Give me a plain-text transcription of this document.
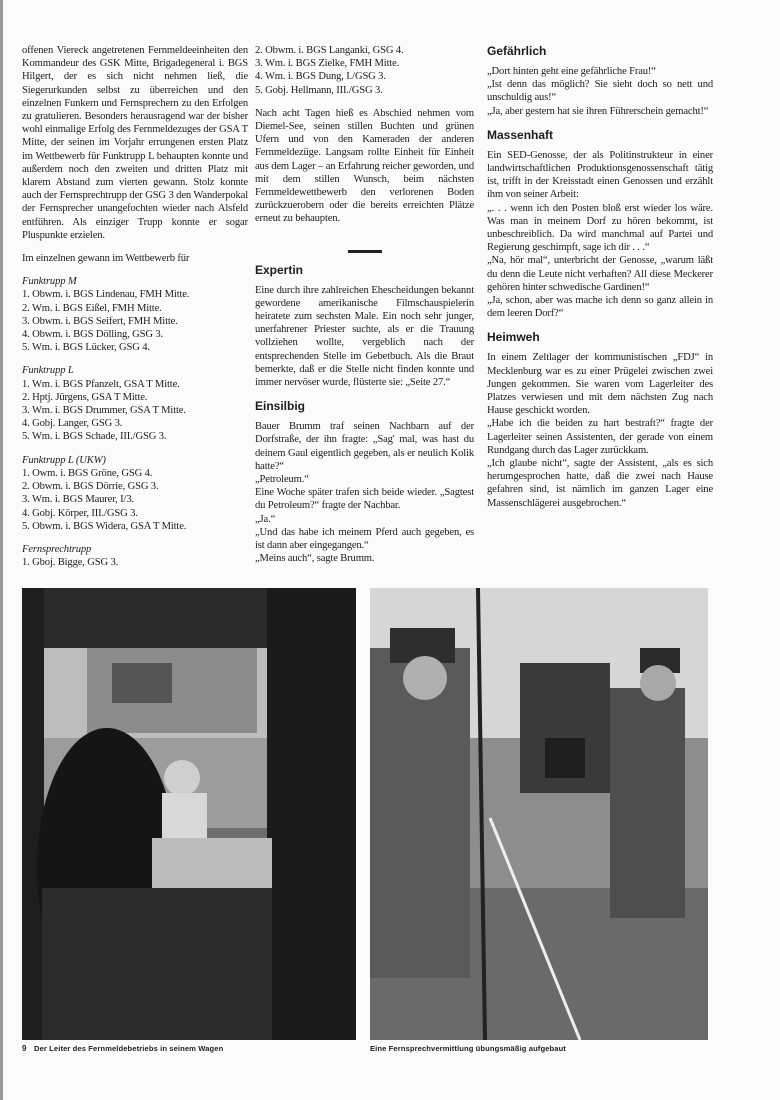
offenen Viereck angetretenen Fernmeldeeinheiten den Kommandeur des GSK Mitte, Brigadegeneral i. BGS Hilgert, der es sich nicht nehmen ließ, die Siegerurkunden selbst zu überreichen und den einzelnen Funkern und Fernsprechern zu den Erfolgen zu gratulieren. Besonders herausragend war der bisher wohl einmalige Erfolg des Fernmeldezuges der GSA T Mitte, der seinen im Vorjahr errungenen ersten Platz im Wettbewerb für Funktrupp L behaupten konnte und außerdem noch den zweiten und dritten Platz mit klarem Abstand zum vierten gewann. Stolz konnte auch der Fernsprechtrupp der GSG 3 den Wanderpokal der Fernsprecher unangefochten wieder nach Alsfeld entführen. Als einziger Trupp konnte er sogar Pluspunkte erzielen.

Im einzelnen gewann im Wettbewerb für

Funktrupp M
1. Obwm. i. BGS Lindenau, FMH Mitte.
2. Wm. i. BGS Eißel, FMH Mitte.
3. Obwm. i. BGS Seifert, FMH Mitte.
4. Obwm. i. BGS Dölling, GSG 3.
5. Wm. i. BGS Lücker, GSG 4.
Funktrupp L
1. Wm. i. BGS Pfanzelt, GSA T Mitte.
2. Hptj. Jürgens, GSA T Mitte.
3. Wm. i. BGS Drummer, GSA T Mitte.
4. Gobj. Langer, GSG 3.
5. Wm. i. BGS Schade, III./GSG 3.
Funktrupp L (UKW)
1. Owm. i. BGS Gröne, GSG 4.
2. Obwm. i. BGS Dörrie, GSG 3.
3. Wm. i. BGS Maurer, I/3.
4. Gobj. Körper, III./GSG 3.
5. Obwm. i. BGS Widera, GSA T Mitte.
Fernsprechtrupp
1. Gboj. Bigge, GSG 3.
2. Obwm. i. BGS Langanki, GSG 4.
3. Wm. i. BGS Zielke, FMH Mitte.
4. Wm. i. BGS Dung, I./GSG 3.
5. Gobj. Hellmann, III./GSG 3.

Nach acht Tagen hieß es Abschied nehmen vom Diemel-See, seinen stillen Buchten und grünen Ufern und von den Kameraden der anderen Fernmeldezüge. Langsam rollte Einheit für Einheit aus dem Lager – an Erfahrung reicher geworden, und mit dem stillen Wunsch, beim nächsten Fernmeldewettbewerb den verlorenen Boden zurückzuerobern oder die bereits erreichten Plätze erneut zu behaupten.

Expertin

Eine durch ihre zahlreichen Ehescheidungen bekannt gewordene amerikanische Filmschauspielerin heiratete zum sechsten Male. Ein noch sehr junger, unerfahrener Priester suchte, als er die Trauung vollziehen wollte, vergeblich nach der entsprechenden Stelle im Gebetbuch. Als die Braut bemerkte, daß er die Stelle nicht finden konnte und immer nervöser wurde, flüsterte sie: „Seite 27.“

Einsilbig

Bauer Brumm traf seinen Nachbarn auf der Dorfstraße, der ihn fragte: „Sag' mal, was hast du deinem Gaul eigentlich gegeben, als er neulich Kolik hatte?“

„Petroleum.“

Eine Woche später trafen sich beide wieder. „Sagtest du Petroleum?“ fragte der Nachbar.

„Ja.“

„Und das habe ich meinem Pferd auch gegeben, es ist dann aber eingegangen.“

„Meins auch“, sagte Brumm.

Gefährlich

„Dort hinten geht eine gefährliche Frau!“

„Ist denn das möglich? Sie sieht doch so nett und unschuldig aus!“

„Ja, aber gestern hat sie ihren Führerschein gemacht!“

Massenhaft

Ein SED-Genosse, der als Politinstrukteur in einer landwirtschaftlichen Produktionsgenossenschaft tätig ist, trifft in der Kreisstadt einen Genossen und erzählt ihm von seiner Arbeit:

„. . . wenn ich den Posten bloß erst wieder los wäre. Was man in meinem Dorf zu hören bekommt, ist unbeschreiblich. Da wird manchmal auf Partei und Regierung geschimpft, sage ich dir . . .“

„Na, hör mal“, unterbricht der Genosse, „warum läßt du denn die Leute nicht verhaften? All diese Meckerer gehören hinter schwedische Gardinen!“

„Ja, schon, aber was mache ich denn so ganz allein in dem leeren Dorf?“

Heimweh

In einem Zeltlager der kommunistischen „FDJ“ in Mecklenburg war es zu einer Prügelei zwischen zwei Jungen gekommen. Sie waren vom Lagerleiter des Platzes verwiesen und mit dem nächsten Zug nach Hause geschickt worden.

„Habe ich die beiden zu hart bestraft?“ fragte der Lagerleiter seinen Assistenten, der gerade von einem Rundgang durch das Lager zurückkam.

„Ich glaube nicht“, sagte der Assistent, „als es sich herumgesprochen hatte, daß die zwei nach Hause gefahren sind, ist nämlich im ganzen Lager eine Massenschlägerei ausgebrochen.“

9 Der Leiter des Fernmeldebetriebs in seinem Wagen	Eine Fernsprechvermittlung übungsmäßig aufgebaut
